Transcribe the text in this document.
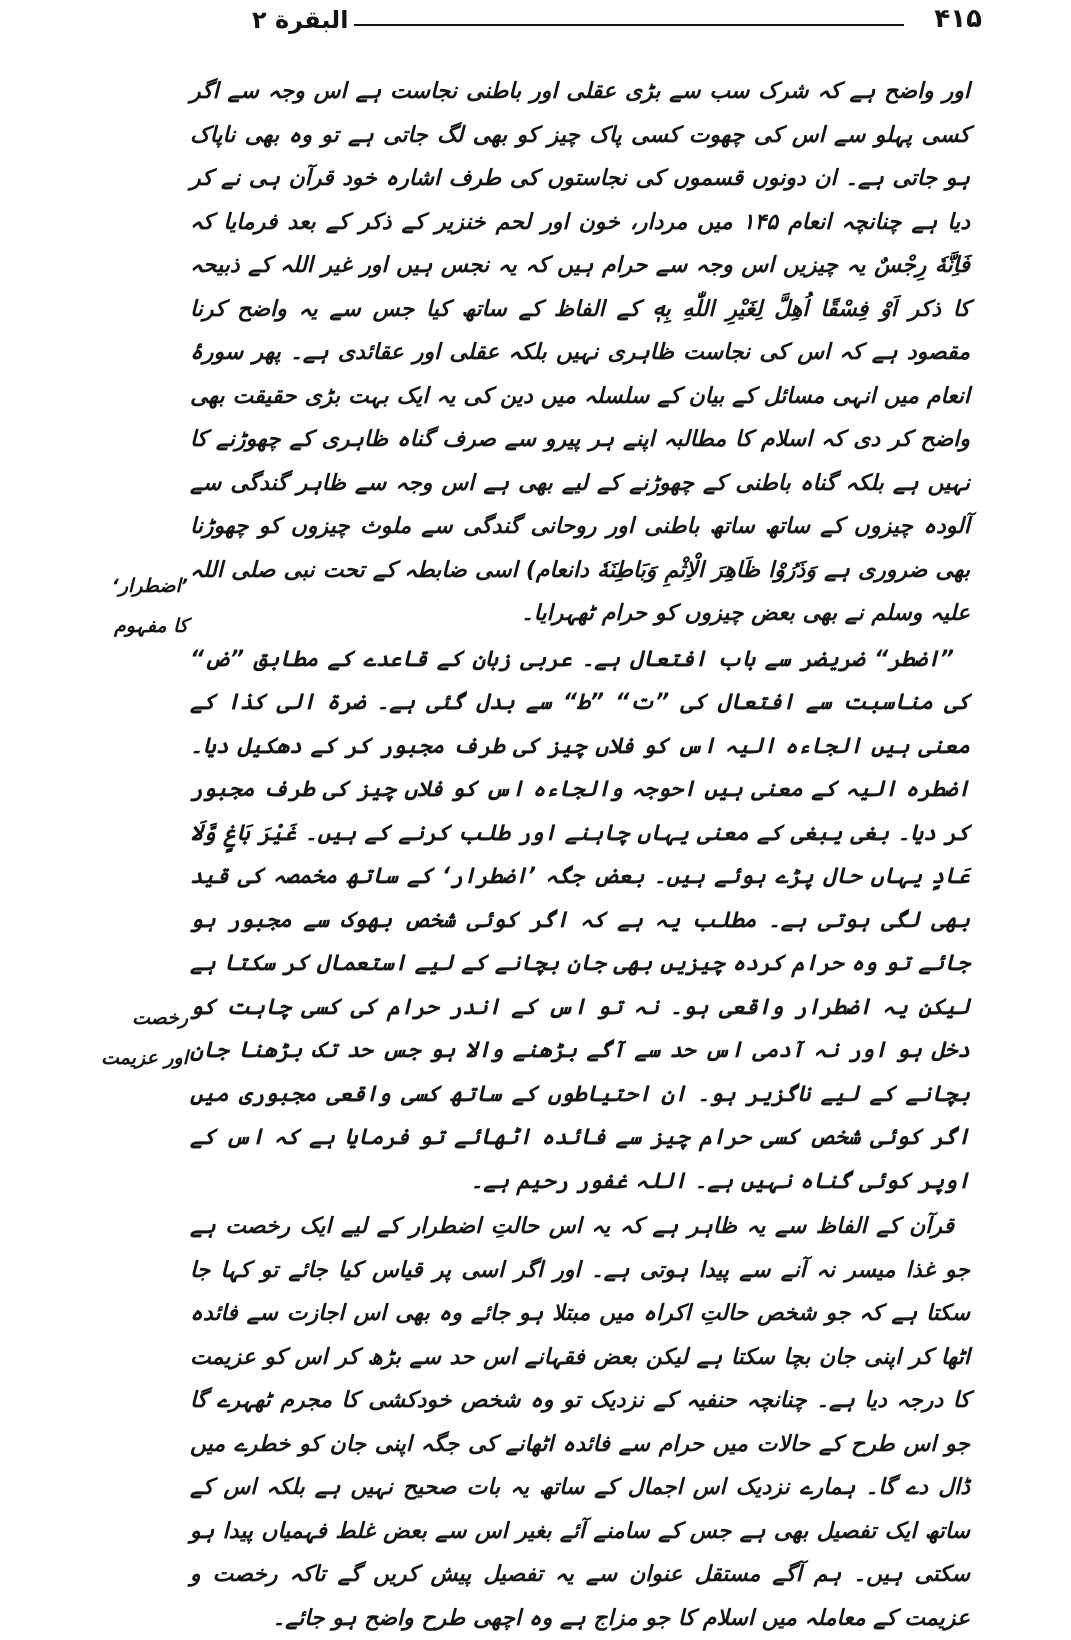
البقرة ۲	۴۱۵

اور واضح ہے کہ شرک سب سے بڑی عقلی اور باطنی نجاست ہے اس وجہ سے اگر کسی پہلو سے اس کی چھوت کسی پاک چیز کو بھی لگ جاتی ہے تو وہ بھی ناپاک ہو جاتی ہے۔ ان دونوں قسموں کی نجاستوں کی طرف اشارہ خود قرآن ہی نے کر دیا ہے چنانچہ انعام ۱۴۵ میں مردار، خون اور لحم خنزیر کے ذکر کے بعد فرمایا کہ فَاِنَّهٗ رِجْسٌ یہ چیزیں اس وجہ سے حرام ہیں کہ یہ نجس ہیں اور غیر اللہ کے ذبیحہ کا ذکر اَوْ فِسْقًا اُهِلَّ لِغَيْرِ اللّٰهِ بِهٖ کے الفاظ کے ساتھ کیا جس سے یہ واضح کرنا مقصود ہے کہ اس کی نجاست ظاہری نہیں بلکہ عقلی اور عقائدی ہے۔ پھر سورۂ انعام میں انہی مسائل کے بیان کے سلسلہ میں دین کی یہ ایک بہت بڑی حقیقت بھی واضح کر دی کہ اسلام کا مطالبہ اپنے ہر پیرو سے صرف گناہ ظاہری کے چھوڑنے کا نہیں ہے بلکہ گناہ باطنی کے چھوڑنے کے لیے بھی ہے اس وجہ سے ظاہر گندگی سے آلودہ چیزوں کے ساتھ ساتھ باطنی اور روحانی گندگی سے ملوث چیزوں کو چھوڑنا بھی ضروری ہے وَذَرُوْا ظَاهِرَ الْاِثْمِ وَبَاطِنَهٗ دانعام) اسی ضابطہ کے تحت نبی صلی اللہ علیہ وسلم نے بھی بعض چیزوں کو حرام ٹھہرایا۔

”اضطر“ ضریضر سے باب افتعال ہے۔ عربی زبان کے قاعدے کے مطابق ”ض“ کی مناسبت سے افتعال کی ”ت“ ”ط“ سے بدل گئی ہے۔ ضرۃ الی کذا کے معنی ہیں الجاءہ الیہ اس کو فلاں چیز کی طرف مجبور کر کے دھکیل دیا۔ اضطرہ الیہ کے معنی ہیں احوجہ والجاءہ اس کو فلاں چیز کی طرف مجبور کر دیا۔ بغی یبغی کے معنی یہاں چاہنے اور طلب کرنے کے ہیں۔ غَيْرَ بَاغٍ وَّلَا عَادٍ یہاں حال پڑے ہوئے ہیں۔ بعض جگہ ’اضطرار‘ کے ساتھ مخمصہ کی قید بھی لگی ہوتی ہے۔ مطلب یہ ہے کہ اگر کوئی شخص بھوک سے مجبور ہو جائے تو وہ حرام کردہ چیزیں بھی جان بچانے کے لیے استعمال کر سکتا ہے لیکن یہ اضطرار واقعی ہو۔ نہ تو اس کے اندر حرام کی کسی چاہت کو دخل ہو اور نہ آدمی اس حد سے آگے بڑھنے والا ہو جس حد تک بڑھنا جان بچانے کے لیے ناگزیر ہو۔ ان احتیاطوں کے ساتھ کسی واقعی مجبوری میں اگر کوئی شخص کسی حرام چیز سے فائدہ اٹھائے تو فرمایا ہے کہ اس کے اوپر کوئی گناہ نہیں ہے۔ اللہ غفور رحیم ہے۔

قرآن کے الفاظ سے یہ ظاہر ہے کہ یہ اس حالتِ اضطرار کے لیے ایک رخصت ہے جو غذا میسر نہ آنے سے پیدا ہوتی ہے۔ اور اگر اسی پر قیاس کیا جائے تو کہا جا سکتا ہے کہ جو شخص حالتِ اکراہ میں مبتلا ہو جائے وہ بھی اس اجازت سے فائدہ اٹھا کر اپنی جان بچا سکتا ہے لیکن بعض فقہانے اس حد سے بڑھ کر اس کو عزیمت کا درجہ دیا ہے۔ چنانچہ حنفیہ کے نزدیک تو وہ شخص خودکشی کا مجرم ٹھہرے گا جو اس طرح کے حالات میں حرام سے فائدہ اٹھانے کی جگہ اپنی جان کو خطرے میں ڈال دے گا۔ ہمارے نزدیک اس اجمال کے ساتھ یہ بات صحیح نہیں ہے بلکہ اس کے ساتھ ایک تفصیل بھی ہے جس کے سامنے آئے بغیر اس سے بعض غلط فہمیاں پیدا ہو سکتی ہیں۔ ہم آگے مستقل عنوان سے یہ تفصیل پیش کریں گے تاکہ رخصت و عزیمت کے معاملہ میں اسلام کا جو مزاج ہے وہ اچھی طرح واضح ہو جائے۔

’اضطرار‘
کا مفہوم
رخصت
اور عزیمت
